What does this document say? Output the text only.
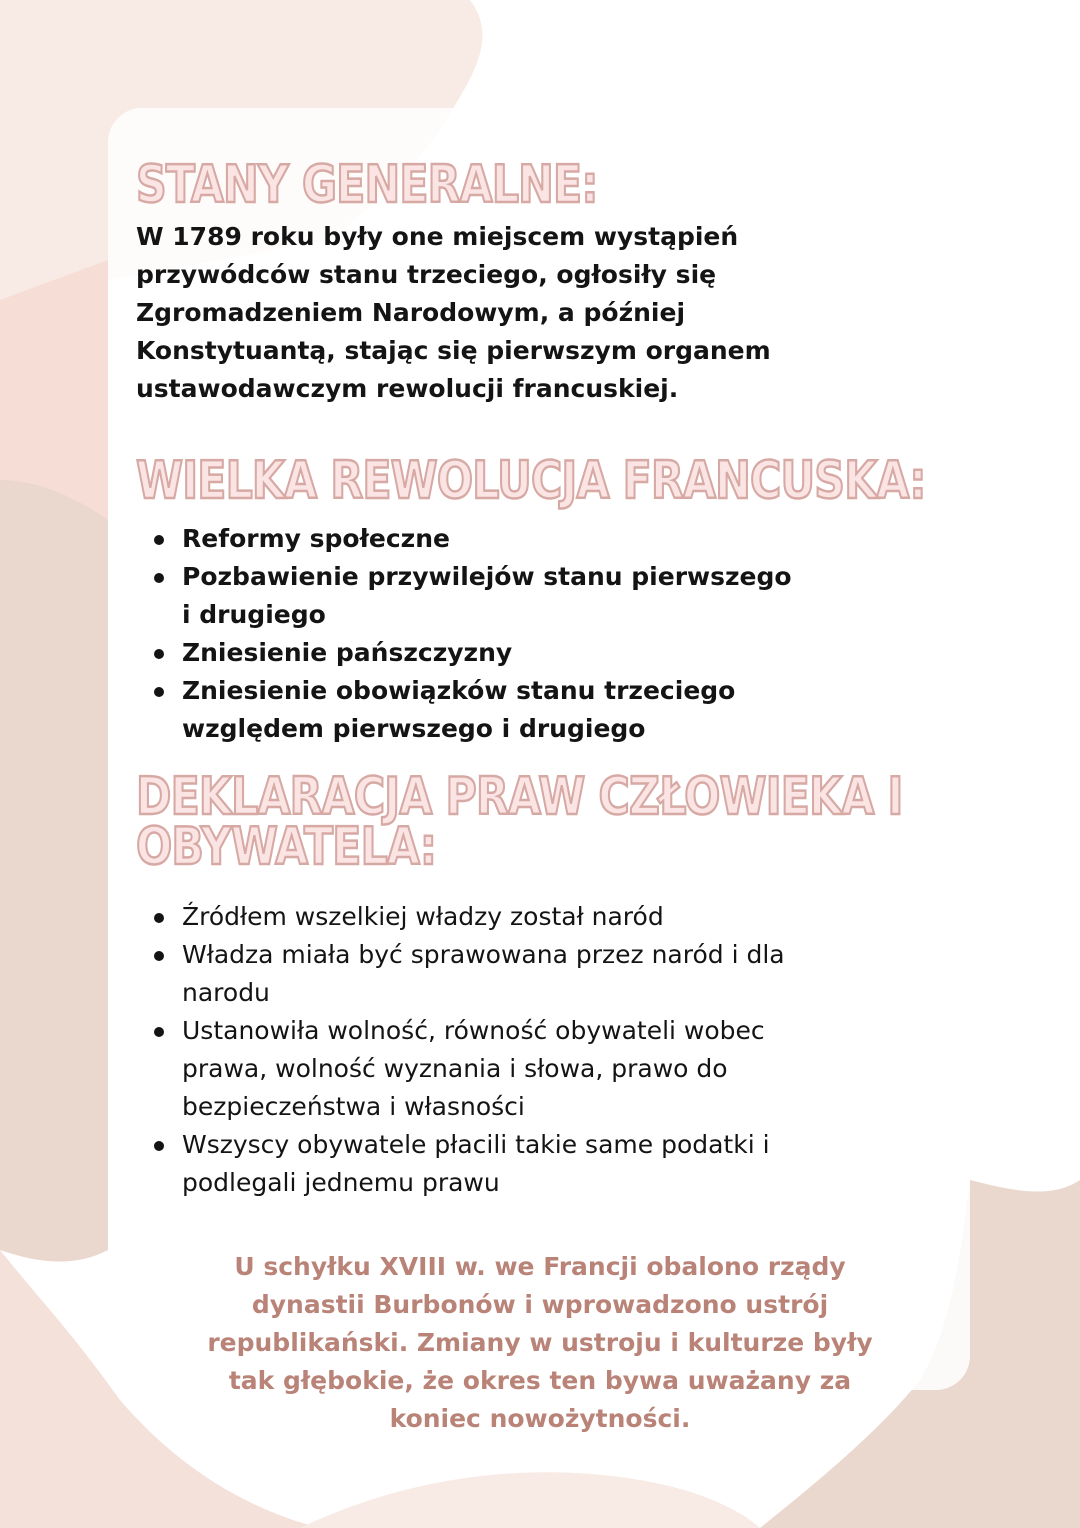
STANY GENERALNE:

W 1789 roku były one miejscem wystąpień przywódców stanu trzeciego, ogłosiły się Zgromadzeniem Narodowym, a później Konstytuantą, stając się pierwszym organem ustawodawczym rewolucji francuskiej.

WIELKA REWOLUCJA FRANCUSKA:
Reformy społeczne
Pozbawienie przywilejów stanu pierwszego i drugiego
Zniesienie pańszczyzny
Zniesienie obowiązków stanu trzeciego względem pierwszego i drugiego
DEKLARACJA PRAW CZŁOWIEKA I
OBYWATELA:
Źródłem wszelkiej władzy został naród
Władza miała być sprawowana przez naród i dla narodu
Ustanowiła wolność, równość obywateli wobec prawa, wolność wyznania i słowa, prawo do bezpieczeństwa i własności
Wszyscy obywatele płacili takie same podatki i podlegali jednemu prawu

U schyłku XVIII w. we Francji obalono rządy dynastii Burbonów i wprowadzono ustrój republikański. Zmiany w ustroju i kulturze były tak głębokie, że okres ten bywa uważany za koniec nowożytności.
